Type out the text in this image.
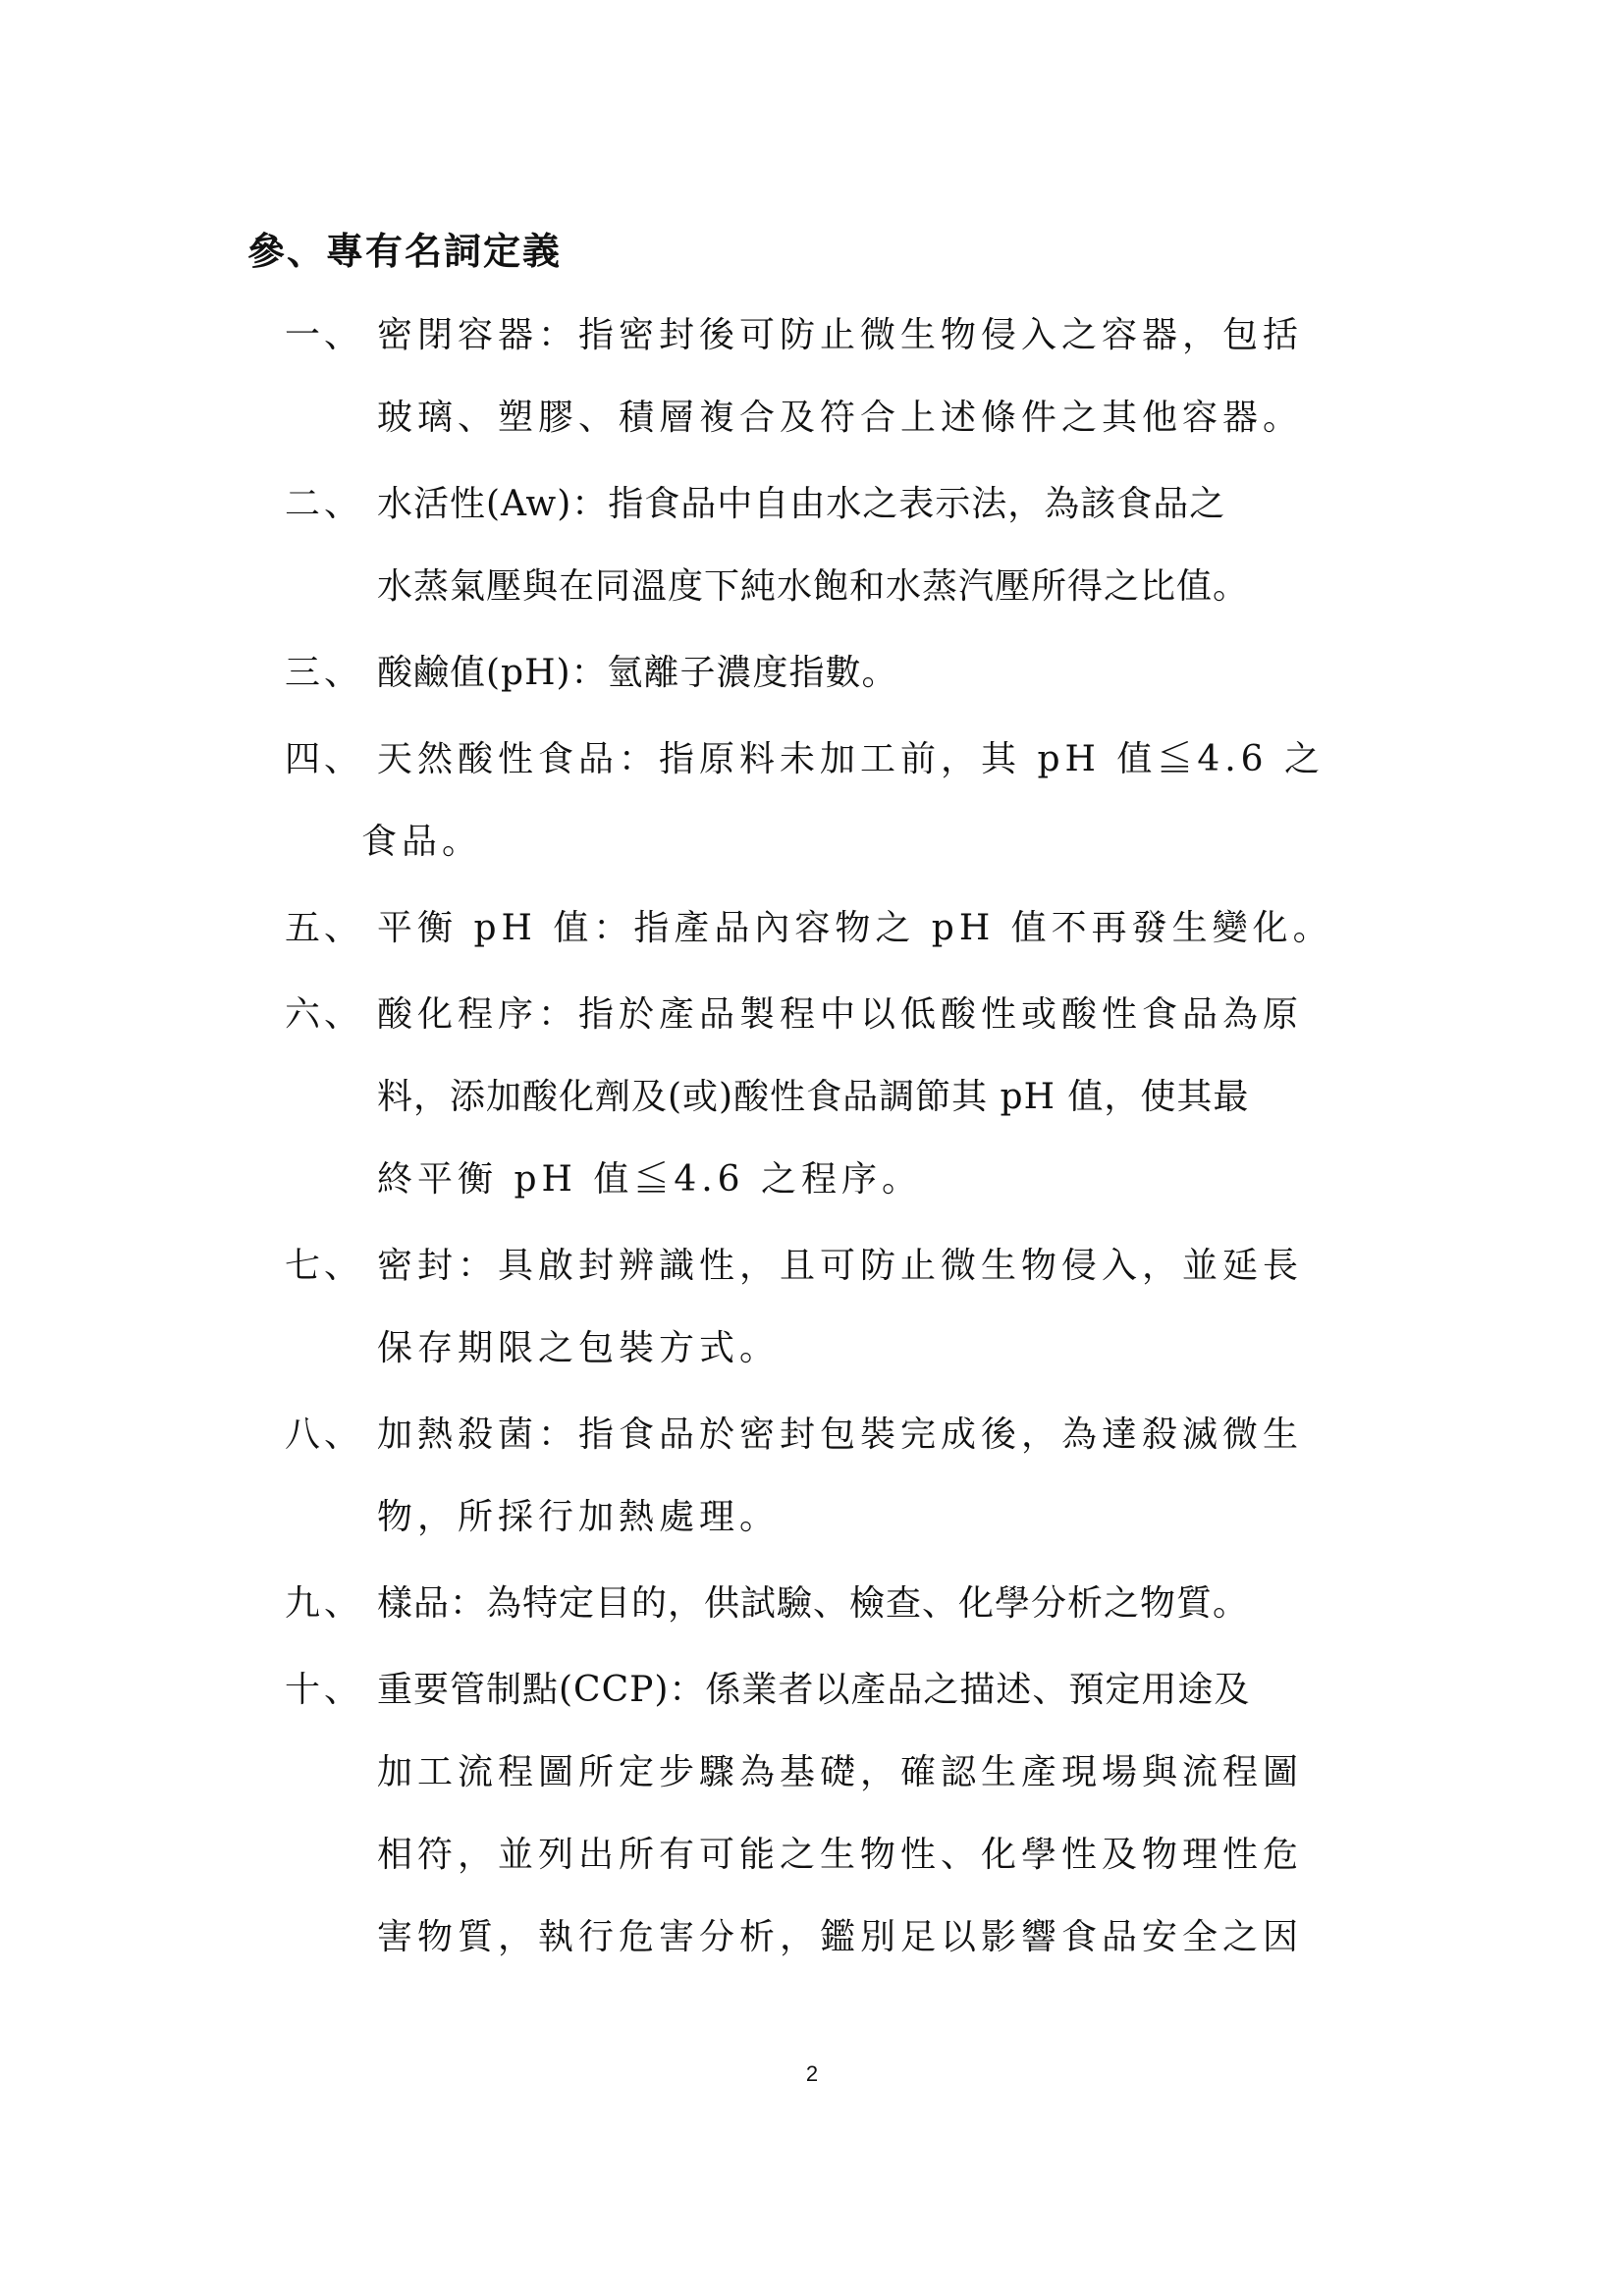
參、專有名詞定義
一、 密閉容器：指密封後可防止微生物侵入之容器，包括
玻璃、塑膠、積層複合及符合上述條件之其他容器。
二、 水活性(Aw)：指食品中自由水之表示法，為該食品之
水蒸氣壓與在同溫度下純水飽和水蒸汽壓所得之比值。
三、 酸鹼值(pH)：氫離子濃度指數。
四、 天然酸性食品：指原料未加工前，其 pH 值≦4.6 之
食品。
五、 平衡 pH 值：指產品內容物之 pH 值不再發生變化。
六、 酸化程序：指於產品製程中以低酸性或酸性食品為原
料，添加酸化劑及(或)酸性食品調節其 pH 值，使其最
終平衡 pH 值≦4.6 之程序。
七、 密封：具啟封辨識性，且可防止微生物侵入，並延長
保存期限之包裝方式。
八、 加熱殺菌：指食品於密封包裝完成後，為達殺滅微生
物，所採行加熱處理。
九、 樣品：為特定目的，供試驗、檢查、化學分析之物質。
十、 重要管制點(CCP)：係業者以產品之描述、預定用途及
加工流程圖所定步驟為基礎，確認生產現場與流程圖
相符，並列出所有可能之生物性、化學性及物理性危
害物質，執行危害分析，鑑別足以影響食品安全之因
2
